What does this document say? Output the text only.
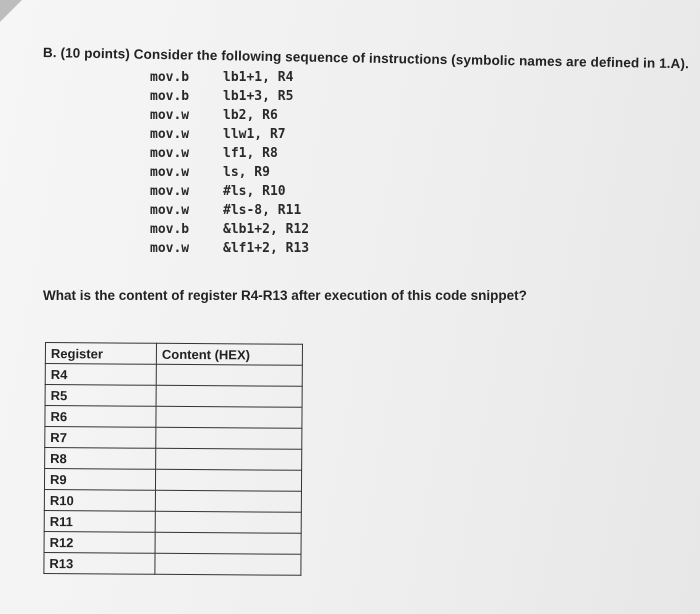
B. (10 points) Consider the following sequence of instructions (symbolic names are defined in 1.A).
mov.b	lb1+1, R4
mov.b	lb1+3, R5
mov.w	lb2, R6
mov.w	llw1, R7
mov.w	lf1, R8
mov.w	ls, R9
mov.w	#ls, R10
mov.w	#ls-8, R11
mov.b	&lb1+2, R12
mov.w	&lf1+2, R13
What is the content of register R4-R13 after execution of this code snippet?
Register	Content (HEX)
R4	
R5	
R6	
R7	
R8	
R9	
R10	
R11	
R12	
R13	
